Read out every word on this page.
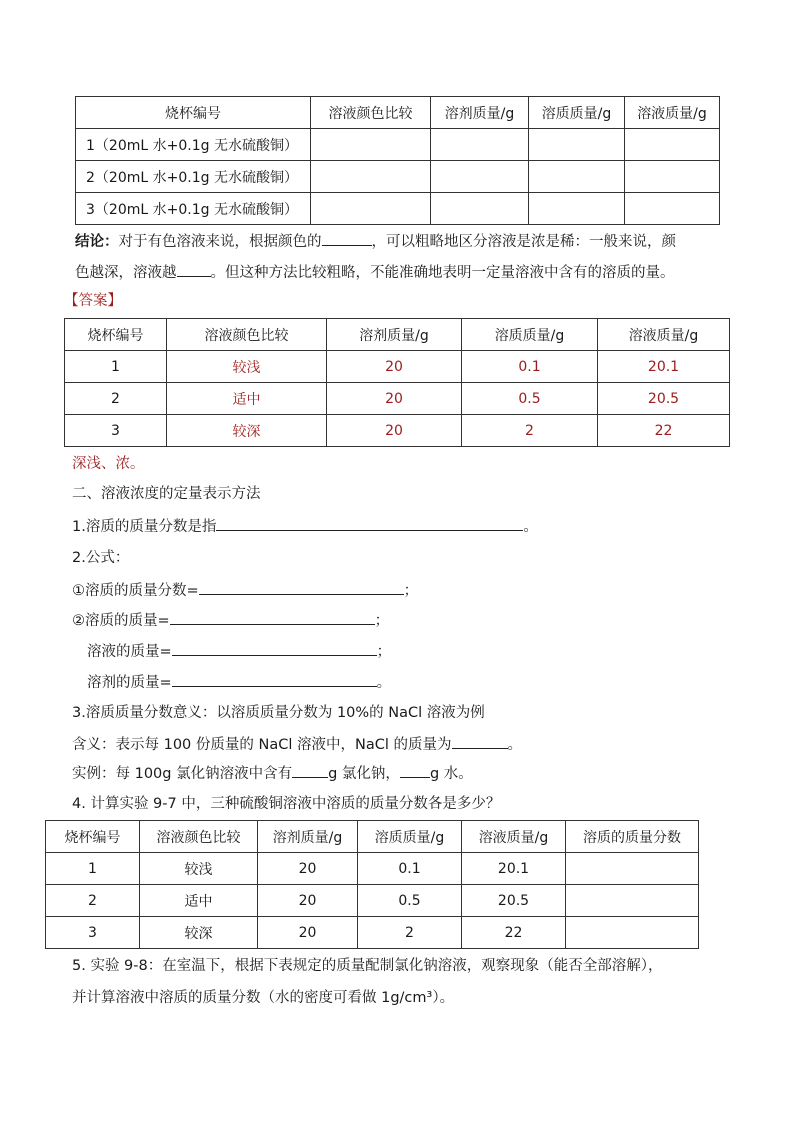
烧杯编号	溶液颜色比较	溶剂质量/g	溶质质量/g	溶液质量/g
1（20mL 水+0.1g 无水硫酸铜）				
2（20mL 水+0.1g 无水硫酸铜）				
3（20mL 水+0.1g 无水硫酸铜）				
结论：对于有色溶液来说，根据颜色的	，可以粗略地区分溶液是浓是稀：一般来说，颜
色越深，溶液越 。但这种方法比较粗略，不能准确地表明一定量溶液中含有的溶质的量。
【答案】
烧杯编号	溶液颜色比较	溶剂质量/g	溶质质量/g	溶液质量/g
1	较浅	20	0.1	20.1
2	适中	20	0.5	20.5
3	较深	20	2	22
深浅、浓。
二、溶液浓度的定量表示方法
1.溶质的质量分数是指	。
2.公式：
①溶质的质量分数=	；
②溶质的质量=	；
溶液的质量=	；
溶剂的质量=	。
3.溶质质量分数意义：以溶质质量分数为 10%的 NaCl 溶液为例
含义：表示每 100 份质量的 NaCl 溶液中，NaCl 的质量为	。
实例：每 100g 氯化钠溶液中含有 g 氯化钠， g 水。
4. 计算实验 9-7 中，三种硫酸铜溶液中溶质的质量分数各是多少？
烧杯编号	溶液颜色比较	溶剂质量/g	溶质质量/g	溶液质量/g	溶质的质量分数
1	较浅	20	0.1	20.1	
2	适中	20	0.5	20.5	
3	较深	20	2	22	
5. 实验 9-8：在室温下，根据下表规定的质量配制氯化钠溶液，观察现象（能否全部溶解），
并计算溶液中溶质的质量分数（水的密度可看做 1g/cm³）。
